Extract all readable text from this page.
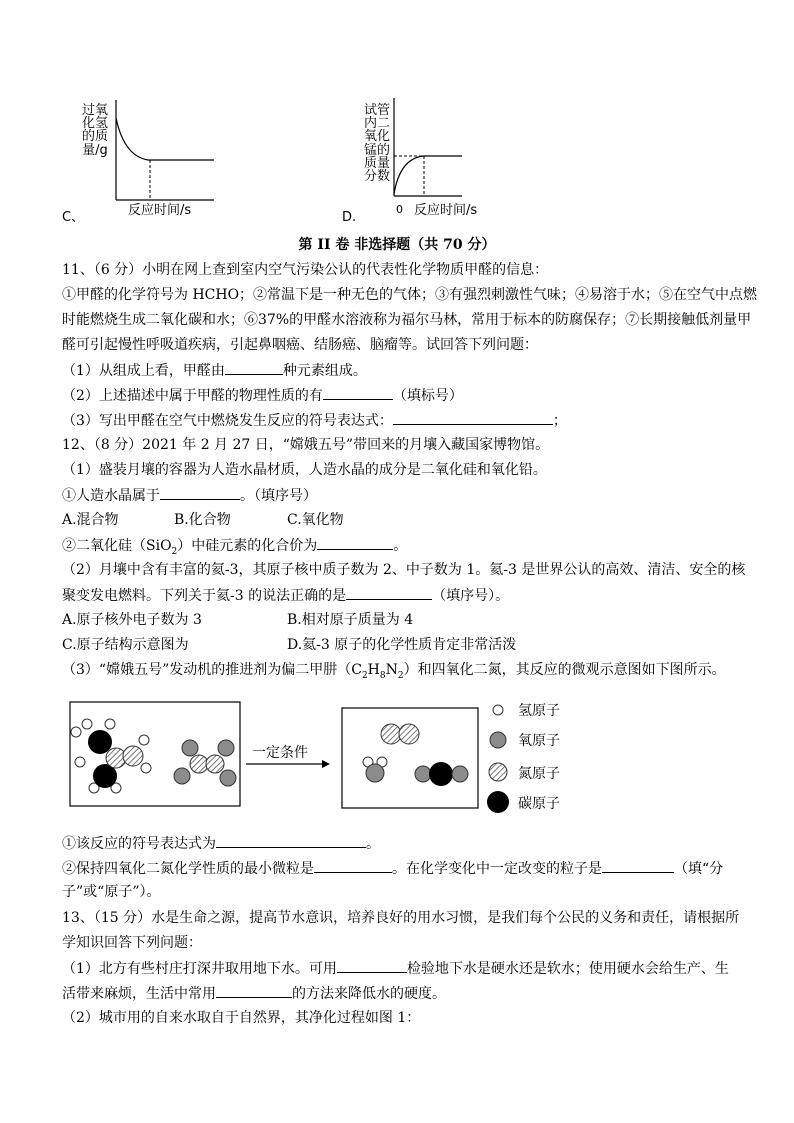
过氧
化氢
的质
量/g
反应时间/s
C、
试管
内二
氧化
锰的
质量
分数
0 反应时间/s
D.
第 II 卷 非选择题（共 70 分）
11、（6 分）小明在网上查到室内空气污染公认的代表性化学物质甲醛的信息：
①甲醛的化学符号为 HCHO；②常温下是一种无色的气体；③有强烈刺激性气味；④易溶于水；⑤在空气中点燃
时能燃烧生成二氧化碳和水；⑥37%的甲醛水溶液称为福尔马林，常用于标本的防腐保存；⑦长期接触低剂量甲
醛可引起慢性呼吸道疾病，引起鼻咽癌、结肠癌、脑瘤等。试回答下列问题：
（1）从组成上看，甲醛由	种元素组成。
（2）上述描述中属于甲醛的物理性质的有	（填标号）
（3）写出甲醛在空气中燃烧发生反应的符号表达式：	；
12、（8 分）2021 年 2 月 27 日，“嫦娥五号”带回来的月壤入藏国家博物馆。
（1）盛装月壤的容器为人造水晶材质，人造水晶的成分是二氧化硅和氧化铅。
①人造水晶属于	。（填序号）
A.混合物	B.化合物	C.氧化物
②二氧化硅（SiO$_2$）中硅元素的化合价为	。
（2）月壤中含有丰富的氦-3，其原子核中质子数为 2、中子数为 1。氦-3 是世界公认的高效、清洁、安全的核
聚变发电燃料。下列关于氦-3 的说法正确的是	（填序号）。
A.原子核外电子数为 3	B.相对原子质量为 4
C.原子结构示意图为	D.氦-3 原子的化学性质肯定非常活泼
（3）“嫦娥五号”发动机的推进剂为偏二甲肼$(C_2H_8N_2)$和四氧化二氮，其反应的微观示意图如下图所示。
一定条件
氢原子
氧原子
氮原子
碳原子
①该反应的符号表达式为	。
②保持四氧化二氮化学性质的最小微粒是	。在化学变化中一定改变的粒子是	（填“分
子”或“原子”）。
13、（15 分）水是生命之源，提高节水意识，培养良好的用水习惯，是我们每个公民的义务和责任，请根据所
学知识回答下列问题：
（1）北方有些村庄打深井取用地下水。可用	检验地下水是硬水还是软水；使用硬水会给生产、生
活带来麻烦，生活中常用	的方法来降低水的硬度。
（2）城市用的自来水取自于自然界，其净化过程如图 1：
